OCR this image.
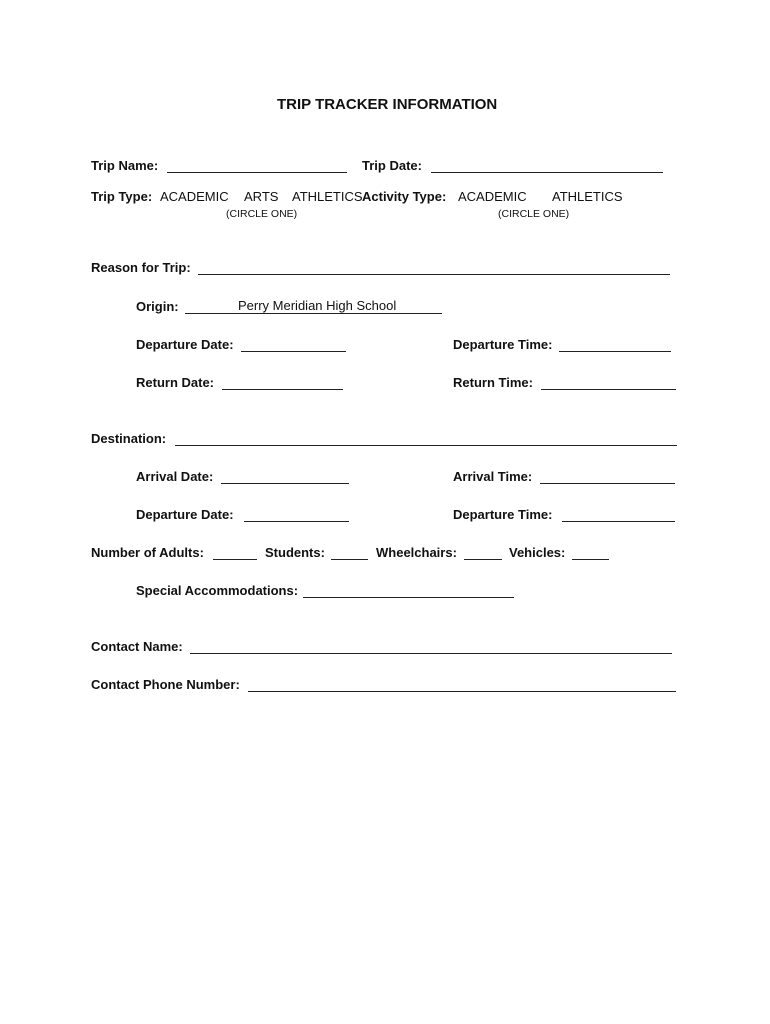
TRIP TRACKER INFORMATION
Trip Name:	Trip Date:
Trip Type: ACADEMIC ARTS ATHLETICS Activity Type: ACADEMIC ATHLETICS
(CIRCLE ONE)	(CIRCLE ONE)
Reason for Trip:
Origin:	Perry Meridian High School
Departure Date:	Departure Time:
Return Date:	Return Time:
Destination:
Arrival Date:	Arrival Time:
Departure Date:	Departure Time:
Number of Adults:	Students:	Wheelchairs:	Vehicles:
Special Accommodations:
Contact Name:
Contact Phone Number:
